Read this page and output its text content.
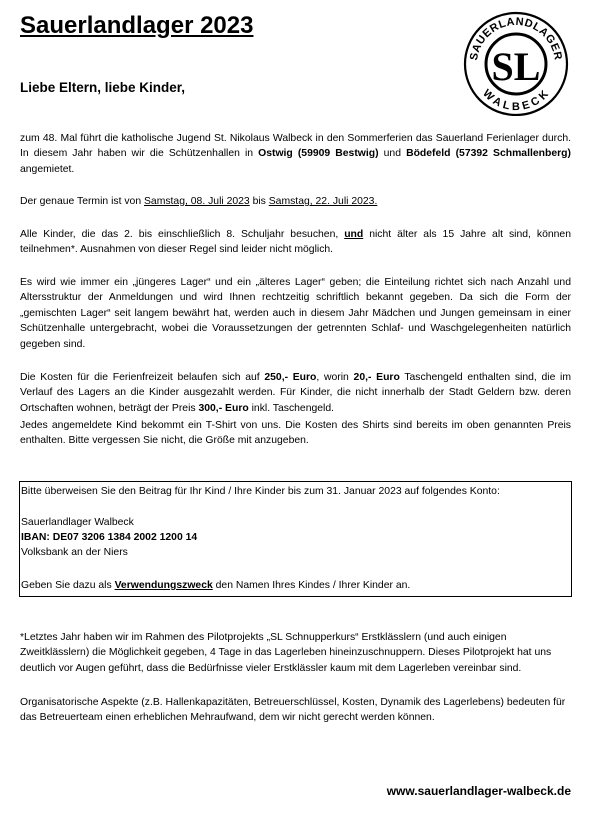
Sauerlandlager 2023
SAUERLANDLAGER
WALBECK
SL
Liebe Eltern, liebe Kinder,
zum 48. Mal führt die katholische Jugend St. Nikolaus Walbeck in den Sommerferien das Sauerland Ferienlager durch. In diesem Jahr haben wir die Schützenhallen in Ostwig (59909 Bestwig) und Bödefeld (57392 Schmallenberg) angemietet.
Der genaue Termin ist von Samstag, 08. Juli 2023 bis Samstag, 22. Juli 2023.
Alle Kinder, die das 2. bis einschließlich 8. Schuljahr besuchen, und nicht älter als 15 Jahre alt sind, können teilnehmen*. Ausnahmen von dieser Regel sind leider nicht möglich.
Es wird wie immer ein „jüngeres Lager“ und ein „älteres Lager“ geben; die Einteilung richtet sich nach Anzahl und Altersstruktur der Anmeldungen und wird Ihnen rechtzeitig schriftlich bekannt gegeben. Da sich die Form der „gemischten Lager“ seit langem bewährt hat, werden auch in diesem Jahr Mädchen und Jungen gemeinsam in einer Schützenhalle untergebracht, wobei die Voraussetzungen der getrennten Schlaf- und Waschgelegenheiten natürlich gegeben sind.
Die Kosten für die Ferienfreizeit belaufen sich auf 250,- Euro, worin 20,- Euro Taschengeld enthalten sind, die im Verlauf des Lagers an die Kinder ausgezahlt werden. Für Kinder, die nicht innerhalb der Stadt Geldern bzw. deren Ortschaften wohnen, beträgt der Preis 300,- Euro inkl. Taschengeld.
Jedes angemeldete Kind bekommt ein T-Shirt von uns. Die Kosten des Shirts sind bereits im oben genannten Preis enthalten. Bitte vergessen Sie nicht, die Größe mit anzugeben.
Bitte überweisen Sie den Beitrag für Ihr Kind / Ihre Kinder bis zum 31. Januar 2023 auf folgendes Konto:
Sauerlandlager Walbeck
IBAN: DE07 3206 1384 2002 1200 14
Volksbank an der Niers
Geben Sie dazu als Verwendungszweck den Namen Ihres Kindes / Ihrer Kinder an.
*Letztes Jahr haben wir im Rahmen des Pilotprojekts „SL Schnupperkurs“ Erstklässlern (und auch einigen Zweitklässlern) die Möglichkeit gegeben, 4 Tage in das Lagerleben hineinzuschnuppern. Dieses Pilotprojekt hat uns deutlich vor Augen geführt, dass die Bedürfnisse vieler Erstklässler kaum mit dem Lagerleben vereinbar sind.
Organisatorische Aspekte (z.B. Hallenkapazitäten, Betreuerschlüssel, Kosten, Dynamik des Lagerlebens) bedeuten für das Betreuerteam einen erheblichen Mehraufwand, dem wir nicht gerecht werden können.
www.sauerlandlager-walbeck.de
